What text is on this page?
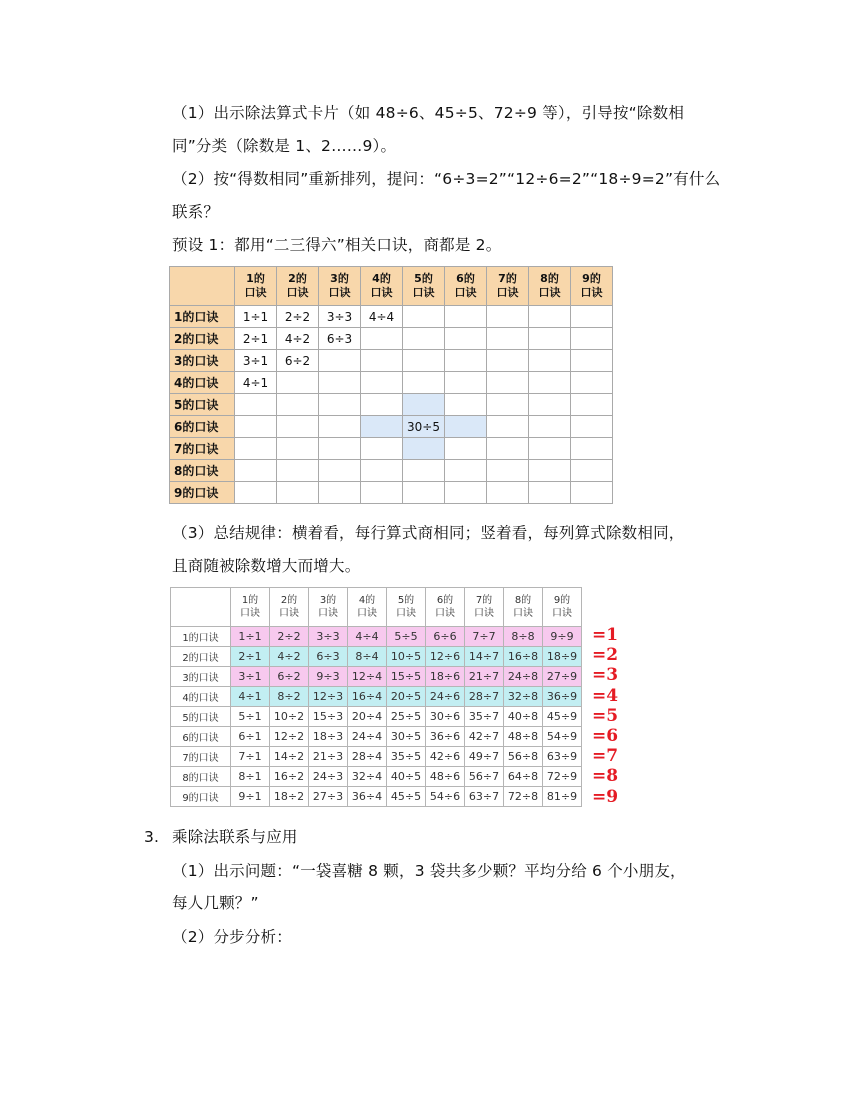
（1）出示除法算式卡片（如 48÷6、45÷5、72÷9 等），引导按“除数相
同”分类（除数是 1、2……9）。
（2）按“得数相同”重新排列，提问：“6÷3=2”“12÷6=2”“18÷9=2”有什么
联系？
预设 1：都用“二三得六”相关口诀，商都是 2。
	1的
口诀	2的
口诀	3的
口诀	4的
口诀	5的
口诀	6的
口诀	7的
口诀	8的
口诀	9的
口诀
1的口诀	1÷1	2÷2	3÷3	4÷4					
2的口诀	2÷1	4÷2	6÷3						
3的口诀	3÷1	6÷2							
4的口诀	4÷1								
5的口诀									
6的口诀					30÷5				
7的口诀									
8的口诀									
9的口诀									
（3）总结规律：横着看，每行算式商相同；竖着看，每列算式除数相同，
且商随被除数增大而增大。
	1的
口诀	2的
口诀	3的
口诀	4的
口诀	5的
口诀	6的
口诀	7的
口诀	8的
口诀	9的
口诀
1的口诀	1÷1	2÷2	3÷3	4÷4	5÷5	6÷6	7÷7	8÷8	9÷9
2的口诀	2÷1	4÷2	6÷3	8÷4	10÷5	12÷6	14÷7	16÷8	18÷9
3的口诀	3÷1	6÷2	9÷3	12÷4	15÷5	18÷6	21÷7	24÷8	27÷9
4的口诀	4÷1	8÷2	12÷3	16÷4	20÷5	24÷6	28÷7	32÷8	36÷9
5的口诀	5÷1	10÷2	15÷3	20÷4	25÷5	30÷6	35÷7	40÷8	45÷9
6的口诀	6÷1	12÷2	18÷3	24÷4	30÷5	36÷6	42÷7	48÷8	54÷9
7的口诀	7÷1	14÷2	21÷3	28÷4	35÷5	42÷6	49÷7	56÷8	63÷9
8的口诀	8÷1	16÷2	24÷3	32÷4	40÷5	48÷6	56÷7	64÷8	72÷9
9的口诀	9÷1	18÷2	27÷3	36÷4	45÷5	54÷6	63÷7	72÷8	81÷9
=1
=2
=3
=4
=5
=6
=7
=8
=9
3. 乘除法联系与应用
（1）出示问题：“一袋喜糖 8 颗，3 袋共多少颗？平均分给 6 个小朋友，
每人几颗？”
（2）分步分析：
